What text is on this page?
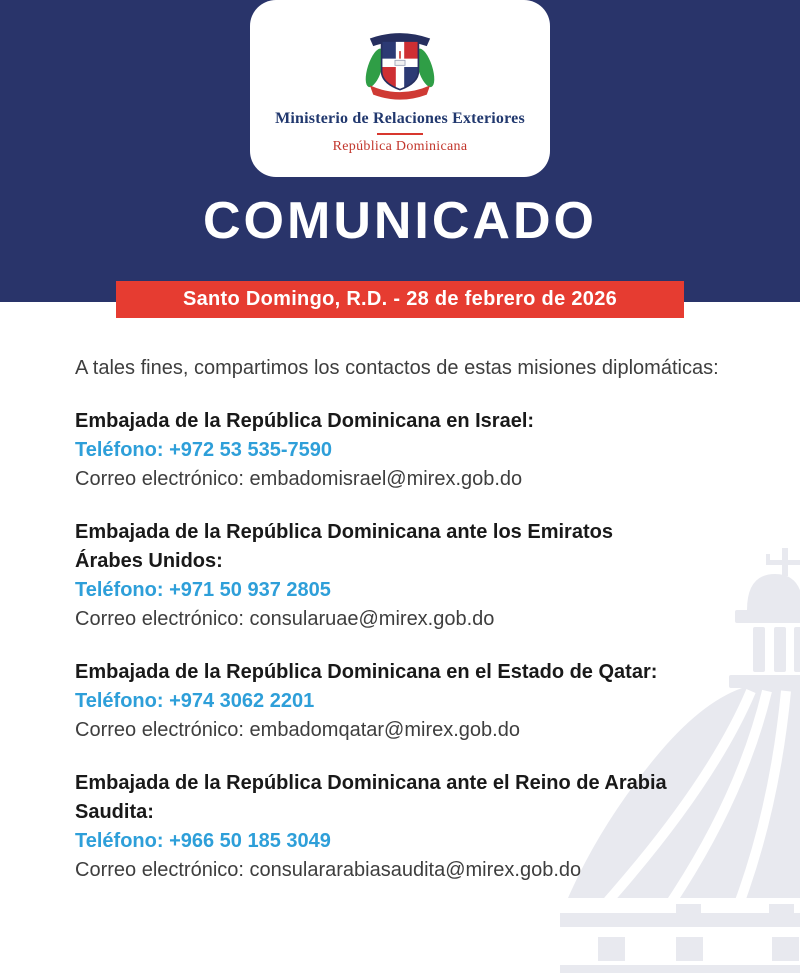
Ministerio de Relaciones Exteriores
República Dominicana
COMUNICADO
Santo Domingo, R.D. - 28 de febrero de 2026

A tales fines, compartimos los contactos de estas misiones diplomáticas:

Embajada de la República Dominicana en Israel:
Teléfono: +972 53 535-7590
Correo electrónico: embadomisrael@mirex.gob.do
Embajada de la República Dominicana ante los Emiratos Árabes Unidos:
Teléfono: +971 50 937 2805
Correo electrónico: consularuae@mirex.gob.do
Embajada de la República Dominicana en el Estado de Qatar:
Teléfono: +974 3062 2201
Correo electrónico: embadomqatar@mirex.gob.do
Embajada de la República Dominicana ante el Reino de Arabia Saudita:
Teléfono: +966 50 185 3049
Correo electrónico: consulararabiasaudita@mirex.gob.do
